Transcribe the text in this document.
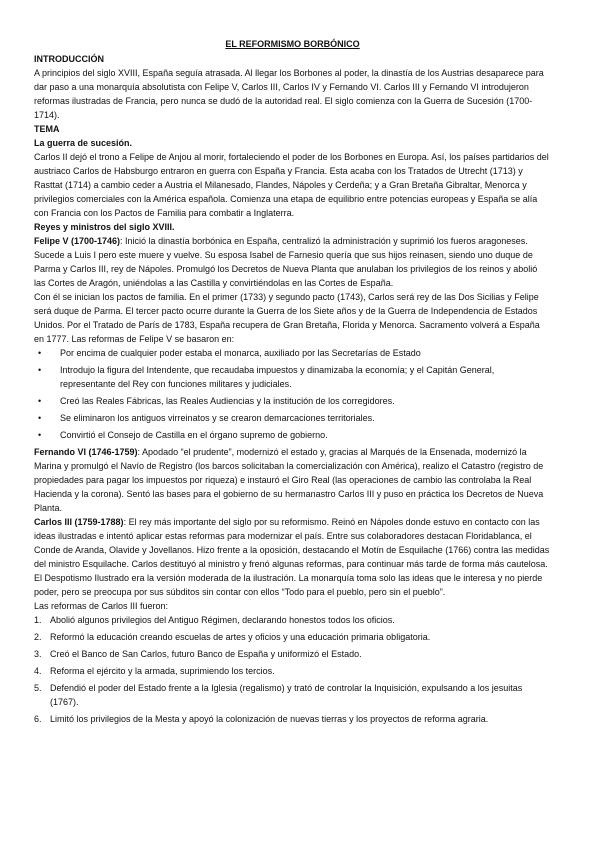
EL REFORMISMO BORBÓNICO

INTRODUCCIÓN

A principios del siglo XVIII, España seguía atrasada. Al llegar los Borbones al poder, la dinastía de los Austrias desaparece para dar paso a una monarquía absolutista con Felipe V, Carlos III, Carlos IV y Fernando VI. Carlos III y Fernando VI introdujeron reformas ilustradas de Francia, pero nunca se dudó de la autoridad real. El siglo comienza con la Guerra de Sucesión (1700-1714).

TEMA

La guerra de sucesión.

Carlos II dejó el trono a Felipe de Anjou al morir, fortaleciendo el poder de los Borbones en Europa. Así, los países partidarios del austriaco Carlos de Habsburgo entraron en guerra con España y Francia. Esta acaba con los Tratados de Utrecht (1713) y Rasttat (1714) a cambio ceder a Austria el Milanesado, Flandes, Nápoles y Cerdeña; y a Gran Bretaña Gibraltar, Menorca y privilegios comerciales con la América española. Comienza una etapa de equilibrio entre potencias europeas y España se alía con Francia con los Pactos de Familia para combatir a Inglaterra.

Reyes y ministros del siglo XVIII.

Felipe V (1700-1746): Inició la dinastía borbónica en España, centralizó la administración y suprimió los fueros aragoneses. Sucede a Luis I pero este muere y vuelve. Su esposa Isabel de Farnesio quería que sus hijos reinasen, siendo uno duque de Parma y Carlos III, rey de Nápoles. Promulgó los Decretos de Nueva Planta que anulaban los privilegios de los reinos y abolió las Cortes de Aragón, uniéndolas a las Castilla y convirtiéndolas en las Cortes de España.

Con él se inician los pactos de familia. En el primer (1733) y segundo pacto (1743), Carlos será rey de las Dos Sicilias y Felipe será duque de Parma. El tercer pacto ocurre durante la Guerra de los Siete años y de la Guerra de Independencia de Estados Unidos. Por el Tratado de París de 1783, España recupera de Gran Bretaña, Florida y Menorca. Sacramento volverá a España en 1777. Las reformas de Felipe V se basaron en:

• Por encima de cualquier poder estaba el monarca, auxiliado por las Secretarías de Estado
• Introdujo la figura del Intendente, que recaudaba impuestos y dinamizaba la economía; y el Capitán General, representante del Rey con funciones militares y judiciales.
• Creó las Reales Fábricas, las Reales Audiencias y la institución de los corregidores.
• Se eliminaron los antiguos virreinatos y se crearon demarcaciones territoriales.
• Convirtió el Consejo de Castilla en el órgano supremo de gobierno.

Fernando VI (1746-1759): Apodado “el prudente”, modernizó el estado y, gracias al Marqués de la Ensenada, modernizó la Marina y promulgó el Navío de Registro (los barcos solicitaban la comercialización con América), realizo el Catastro (registro de propiedades para pagar los impuestos por riqueza) e instauró el Giro Real (las operaciones de cambio las controlaba la Real Hacienda y la corona). Sentó las bases para el gobierno de su hermanastro Carlos III y puso en práctica los Decretos de Nueva Planta.

Carlos III (1759-1788): El rey más importante del siglo por su reformismo. Reinó en Nápoles donde estuvo en contacto con las ideas ilustradas e intentó aplicar estas reformas para modernizar el país. Entre sus colaboradores destacan Floridablanca, el Conde de Aranda, Olavide y Jovellanos. Hizo frente a la oposición, destacando el Motín de Esquilache (1766) contra las medidas del ministro Esquilache. Carlos destituyó al ministro y frenó algunas reformas, para continuar más tarde de forma más cautelosa.

El Despotismo Ilustrado era la versión moderada de la ilustración. La monarquía toma solo las ideas que le interesa y no pierde poder, pero se preocupa por sus súbditos sin contar con ellos “Todo para el pueblo, pero sin el pueblo”.

Las reformas de Carlos III fueron:

1. Abolió algunos privilegios del Antiguo Régimen, declarando honestos todos los oficios.
2. Reformó la educación creando escuelas de artes y oficios y una educación primaria obligatoria.
3. Creó el Banco de San Carlos, futuro Banco de España y uniformizó el Estado.
4. Reforma el ejército y la armada, suprimiendo los tercios.
5. Defendió el poder del Estado frente a la Iglesia (regalismo) y trató de controlar la Inquisición, expulsando a los jesuitas (1767).
6. Limitó los privilegios de la Mesta y apoyó la colonización de nuevas tierras y los proyectos de reforma agraria.
